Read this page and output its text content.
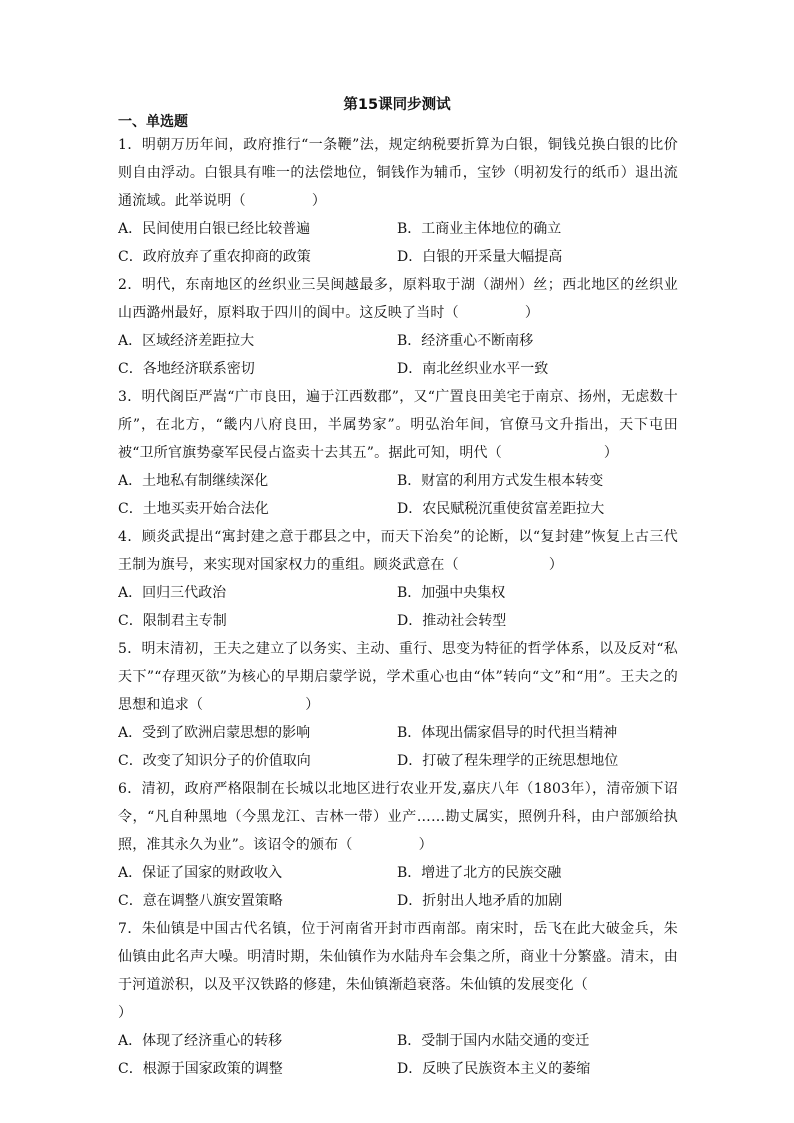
第15课同步测试
一、单选题

1．明朝万历年间，政府推行“一条鞭”法，规定纳税要折算为白银，铜钱兑换白银的比价则自由浮动。白银具有唯一的法偿地位，铜钱作为辅币，宝钞（明初发行的纸币）退出流通流域。此举说明（	）

A．民间使用白银已经比较普遍	B．工商业主体地位的确立
C．政府放弃了重农抑商的政策	D．白银的开采量大幅提高

2．明代，东南地区的丝织业三吴闽越最多，原料取于湖（湖州）丝；西北地区的丝织业山西潞州最好，原料取于四川的阆中。这反映了当时（	）

A．区域经济差距拉大	B．经济重心不断南移
C．各地经济联系密切	D．南北丝织业水平一致

3．明代阁臣严嵩“广市良田，遍于江西数郡”，又“广置良田美宅于南京、扬州，无虑数十所”，在北方，“畿内八府良田，半属势家”。明弘治年间，官僚马文升指出，天下屯田被“卫所官旗势豪军民侵占盗卖十去其五”。据此可知，明代（	）

A．土地私有制继续深化	B．财富的利用方式发生根本转变
C．土地买卖开始合法化	D．农民赋税沉重使贫富差距拉大

4．顾炎武提出“寓封建之意于郡县之中，而天下治矣”的论断，以“复封建”恢复上古三代王制为旗号，来实现对国家权力的重组。顾炎武意在（	）

A．回归三代政治	B．加强中央集权
C．限制君主专制	D．推动社会转型

5．明末清初，王夫之建立了以务实、主动、重行、思变为特征的哲学体系，以及反对“私天下”“存理灭欲”为核心的早期启蒙学说，学术重心也由“体”转向“文”和“用”。王夫之的思想和追求（	）

A．受到了欧洲启蒙思想的影响	B．体现出儒家倡导的时代担当精神
C．改变了知识分子的价值取向	D．打破了程朱理学的正统思想地位

6．清初，政府严格限制在长城以北地区进行农业开发,嘉庆八年（1803年），清帝颁下诏令，“凡自种黑地（今黑龙江、吉林一带）业产……勘丈属实，照例升科，由户部颁给执照，准其永久为业”。该诏令的颁布（	）

A．保证了国家的财政收入	B．增进了北方的民族交融
C．意在调整八旗安置策略	D．折射出人地矛盾的加剧

7．朱仙镇是中国古代名镇，位于河南省开封市西南部。南宋时，岳飞在此大破金兵，朱仙镇由此名声大噪。明清时期，朱仙镇作为水陆舟车会集之所，商业十分繁盛。清末，由于河道淤积，以及平汉铁路的修建，朱仙镇渐趋衰落。朱仙镇的发展变化（）

A．体现了经济重心的转移	B．受制于国内水陆交通的变迁
C．根源于国家政策的调整	D．反映了民族资本主义的萎缩
